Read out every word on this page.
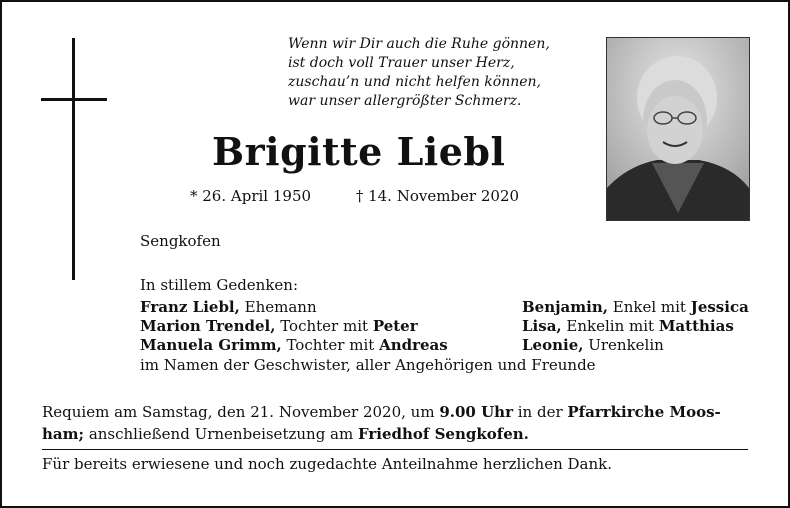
Wenn wir Dir auch die Ruhe gönnen,
ist doch voll Trauer unser Herz,
zuschau’n und nicht helfen können,
war unser allergrößter Schmerz.
Brigitte Liebl
* 26. April 1950	† 14. November 2020
Sengkofen
In stillem Gedenken:
Franz Liebl, Ehemann
Marion Trendel, Tochter mit Peter
Manuela Grimm, Tochter mit Andreas
Benjamin, Enkel mit Jessica
Lisa, Enkelin mit Matthias
Leonie, Urenkelin
im Namen der Geschwister, aller Angehörigen und Freunde
Requiem am Samstag, den 21. November 2020, um 9.00 Uhr in der Pfarrkirche Moos-
ham; anschließend Urnenbeisetzung am Friedhof Sengkofen.
Für bereits erwiesene und noch zugedachte Anteilnahme herzlichen Dank.
